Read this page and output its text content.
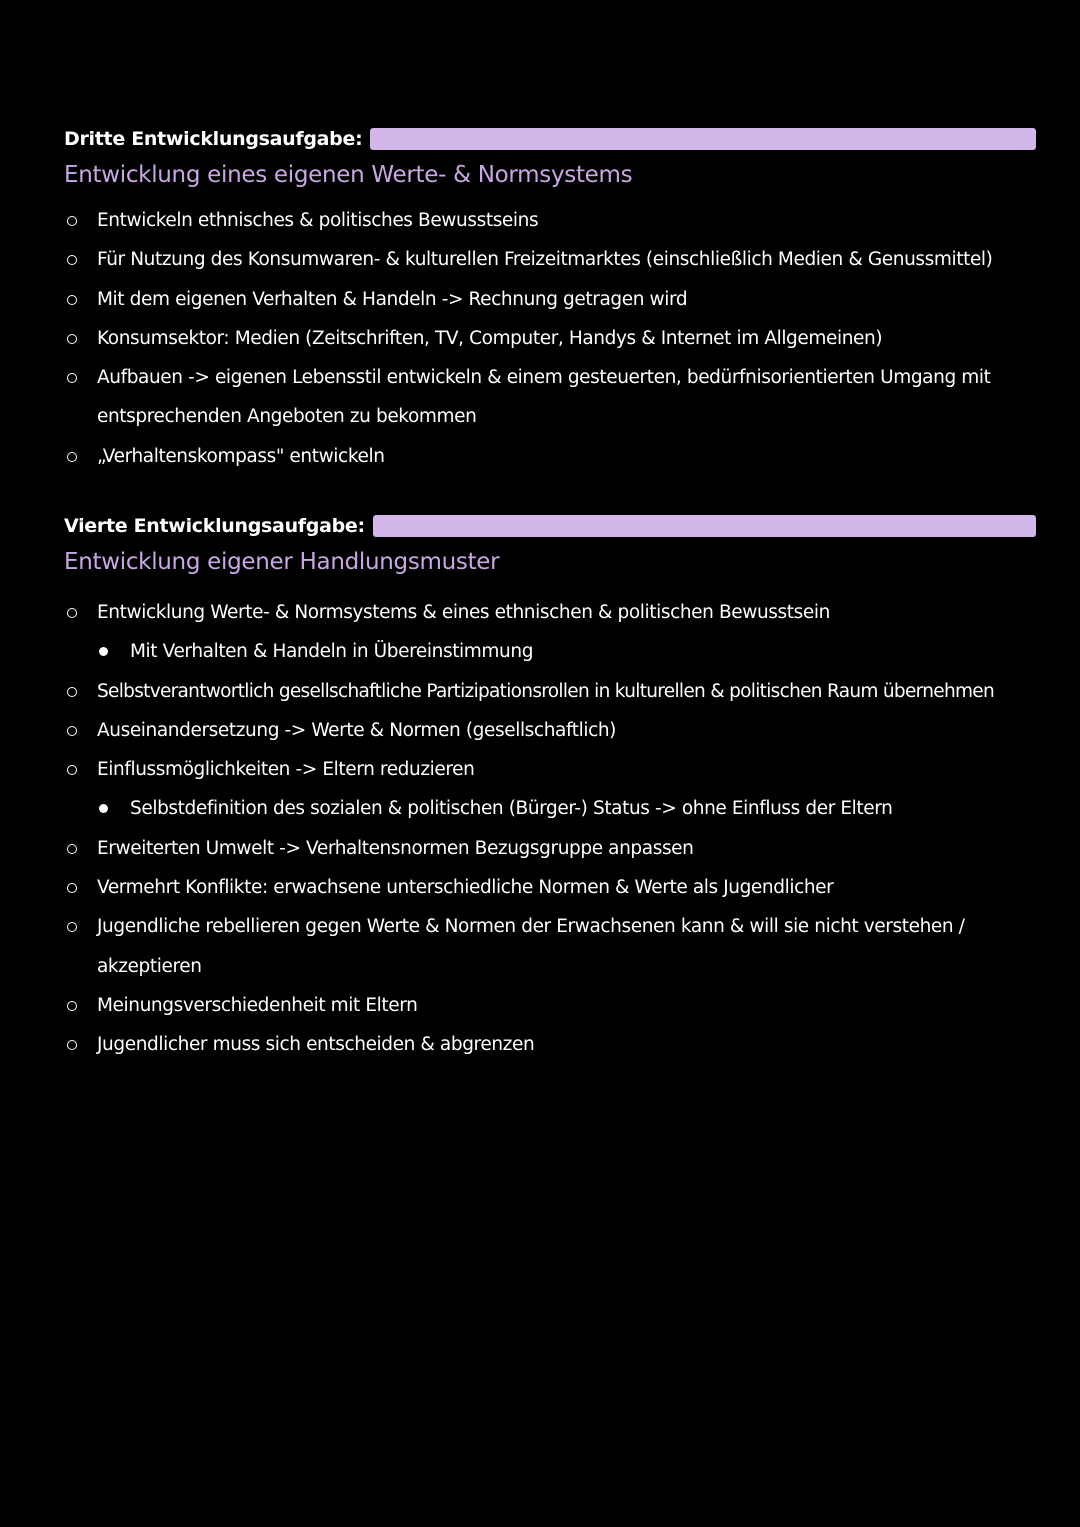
Dritte Entwicklungsaufgabe:
Entwicklung eines eigenen Werte- & Normsystems
Entwickeln ethnisches & politisches Bewusstseins
Für Nutzung des Konsumwaren- & kulturellen Freizeitmarktes (einschließlich Medien & Genussmittel)
Mit dem eigenen Verhalten & Handeln -> Rechnung getragen wird
Konsumsektor: Medien (Zeitschriften, TV, Computer, Handys & Internet im Allgemeinen)
Aufbauen -> eigenen Lebensstil entwickeln & einem gesteuerten, bedürfnisorientierten Umgang mit
entsprechenden Angeboten zu bekommen
„Verhaltenskompass" entwickeln
Vierte Entwicklungsaufgabe:
Entwicklung eigener Handlungsmuster
Entwicklung Werte- & Normsystems & eines ethnischen & politischen Bewusstsein
Mit Verhalten & Handeln in Übereinstimmung
Selbstverantwortlich gesellschaftliche Partizipationsrollen in kulturellen & politischen Raum übernehmen
Auseinandersetzung -> Werte & Normen (gesellschaftlich)
Einflussmöglichkeiten -> Eltern reduzieren
Selbstdefinition des sozialen & politischen (Bürger-) Status -> ohne Einfluss der Eltern
Erweiterten Umwelt -> Verhaltensnormen Bezugsgruppe anpassen
Vermehrt Konflikte: erwachsene unterschiedliche Normen & Werte als Jugendlicher
Jugendliche rebellieren gegen Werte & Normen der Erwachsenen kann & will sie nicht verstehen /
akzeptieren
Meinungsverschiedenheit mit Eltern
Jugendlicher muss sich entscheiden & abgrenzen
